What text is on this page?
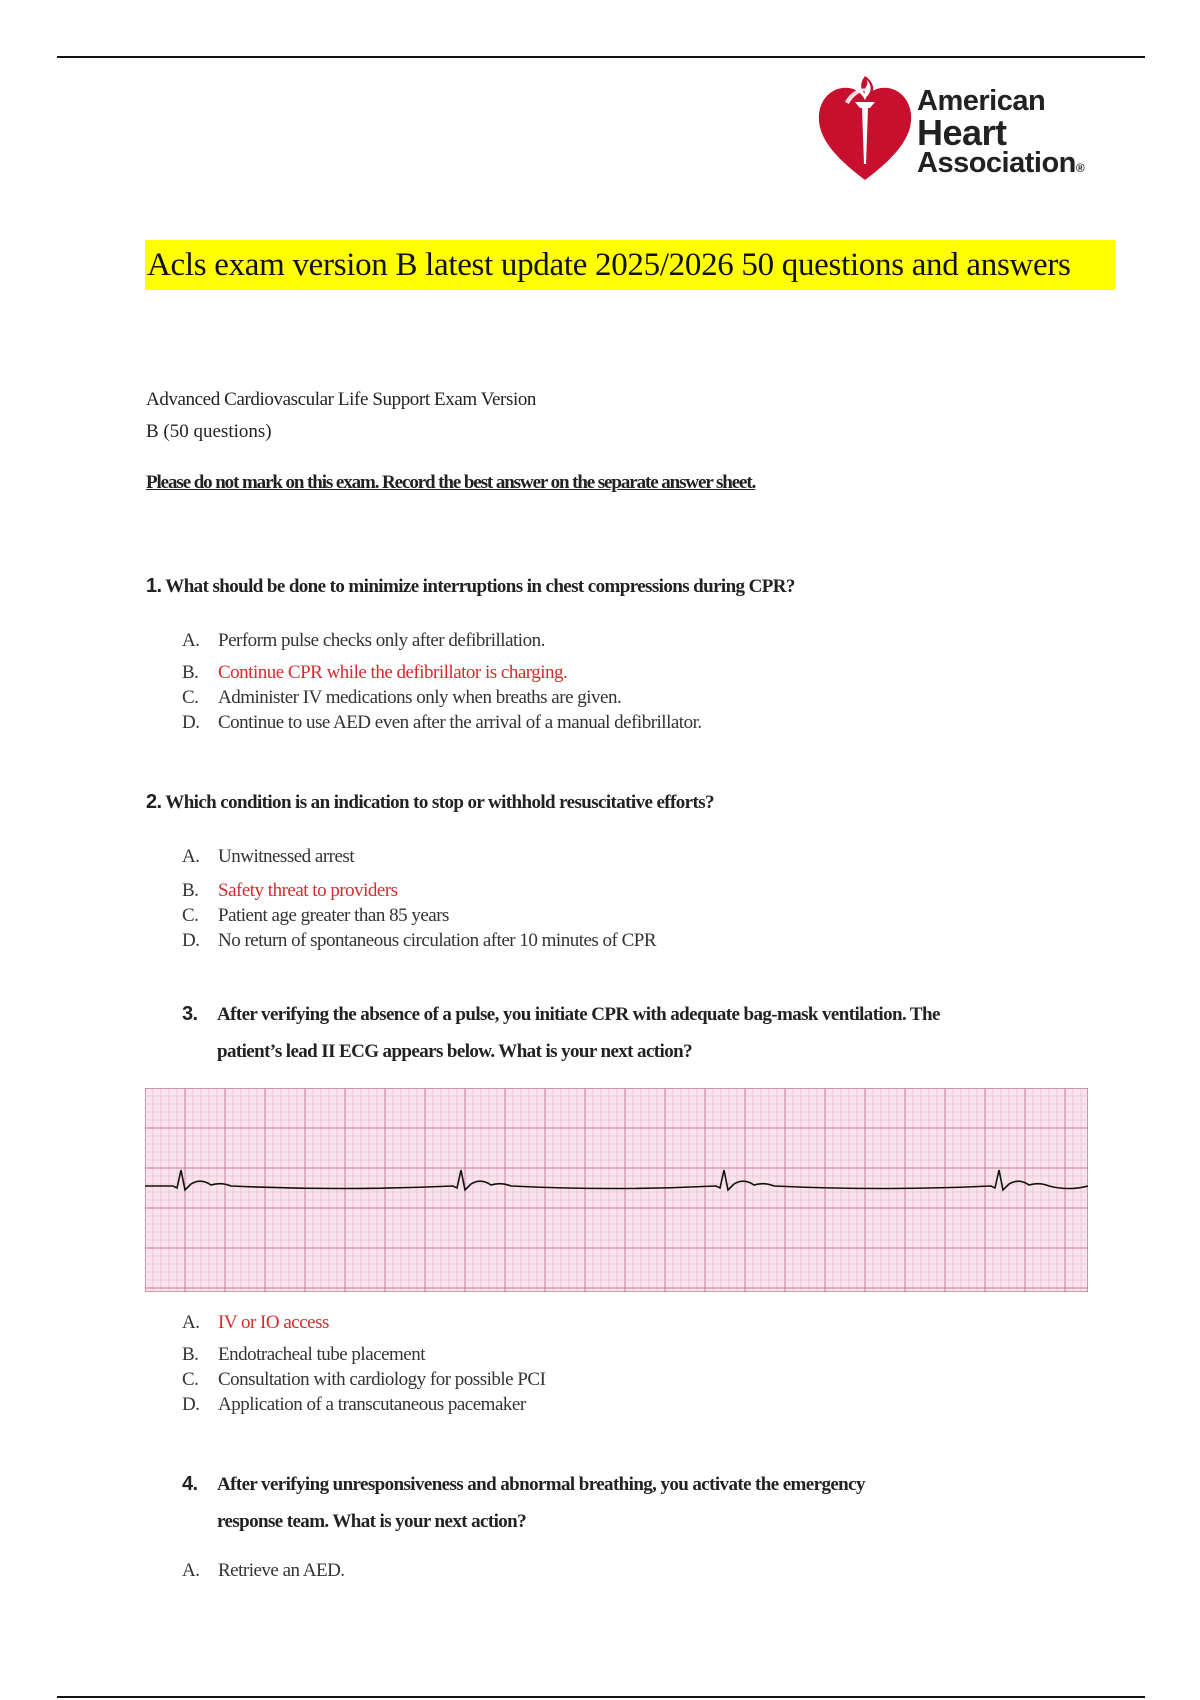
American
Heart
Association®
Acls exam version B latest update 2025/2026 50 questions and answers
Advanced Cardiovascular Life Support Exam Version
B (50 questions)
Please do not mark on this exam. Record the best answer on the separate answer sheet.
1. What should be done to minimize interruptions in chest compressions during CPR?
A. Perform pulse checks only after defibrillation.
B. Continue CPR while the defibrillator is charging.
C. Administer IV medications only when breaths are given.
D. Continue to use AED even after the arrival of a manual defibrillator.
2. Which condition is an indication to stop or withhold resuscitative efforts?
A. Unwitnessed arrest
B. Safety threat to providers
C. Patient age greater than 85 years
D. No return of spontaneous circulation after 10 minutes of CPR
3. After verifying the absence of a pulse, you initiate CPR with adequate bag-mask ventilation. The
patient’s lead II ECG appears below. What is your next action?
A. IV or IO access
B. Endotracheal tube placement
C. Consultation with cardiology for possible PCI
D. Application of a transcutaneous pacemaker
4. After verifying unresponsiveness and abnormal breathing, you activate the emergency
response team. What is your next action?
A. Retrieve an AED.
